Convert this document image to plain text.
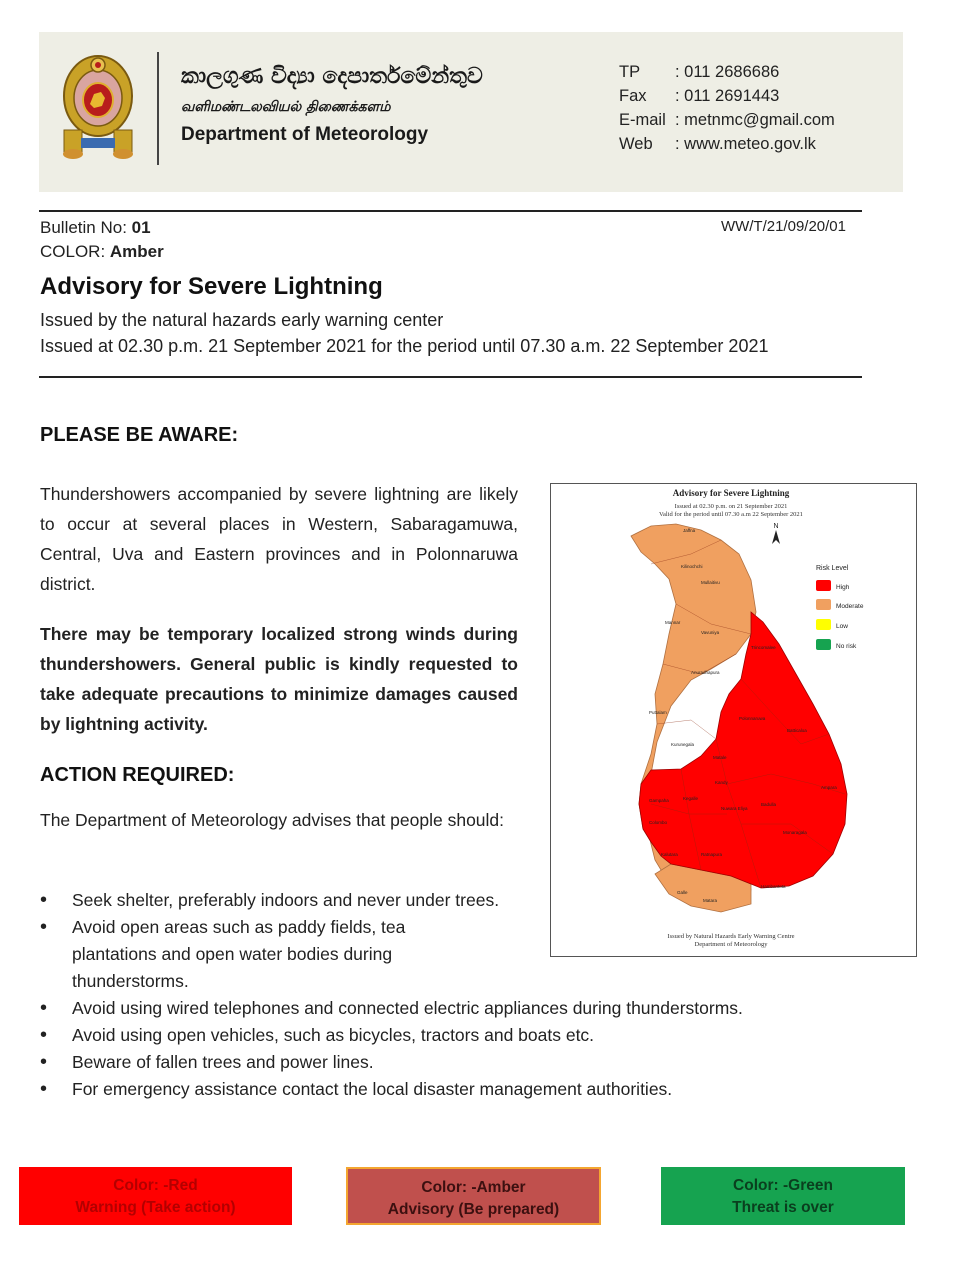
කාලගුණ විද්‍යා දෙපාර්තමේන්තුව
வளிமண்டலவியல் திணைக்களம்
Department of Meteorology
TP	: 011 2686686
Fax	: 011 2691443
E-mail : metnmc@gmail.com
Web	: www.meteo.gov.lk
Bulletin No: 01
COLOR: Amber
WW/T/21/09/20/01
Advisory for Severe Lightning
Issued by the natural hazards early warning center
Issued at 02.30 p.m. 21 September 2021 for the period until 07.30 a.m. 22 September 2021
PLEASE BE AWARE:
Thundershowers accompanied by severe lightning are likely to occur at several places in Western, Sabaragamuwa, Central, Uva and Eastern provinces and in Polonnaruwa district.
There may be temporary localized strong winds during thundershowers. General public is kindly requested to take adequate precautions to minimize damages caused by lightning activity.
ACTION REQUIRED:
The Department of Meteorology advises that people should:
• Seek shelter, preferably indoors and never under trees.
• Avoid open areas such as paddy fields, tea plantations and open water bodies during thunderstorms.
• Avoid using wired telephones and connected electric appliances during thunderstorms.
• Avoid using open vehicles, such as bicycles, tractors and boats etc.
• Beware of fallen trees and power lines.
• For emergency assistance contact the local disaster management authorities.
Advisory for Severe Lightning
Issued at 02.30 p.m. on 21 September 2021
Valid for the period until 07.30 a.m 22 September 2021
N
Jaffna
Kilinochchi
Mullaitivu
Mannar
Vavuniya
Anuradhapura
Puttalam
Kurunegala
Galle
Matara
Trincomalee
Polonnaruwa
Batticaloa
Matale
Ampara
Kandy
Kegalle
Gampaha
Colombo
Nuwara Eliya
Badulla
Ratnapura
Kalutara
Monaragala
Hambantota
Risk Level
High
Moderate
Low
No risk
Issued by Natural Hazards Early Warning Centre
Department of Meteorology
Color: -Red
Warning (Take action)
Color: -Amber
Advisory (Be prepared)
Color: -Green
Threat is over
